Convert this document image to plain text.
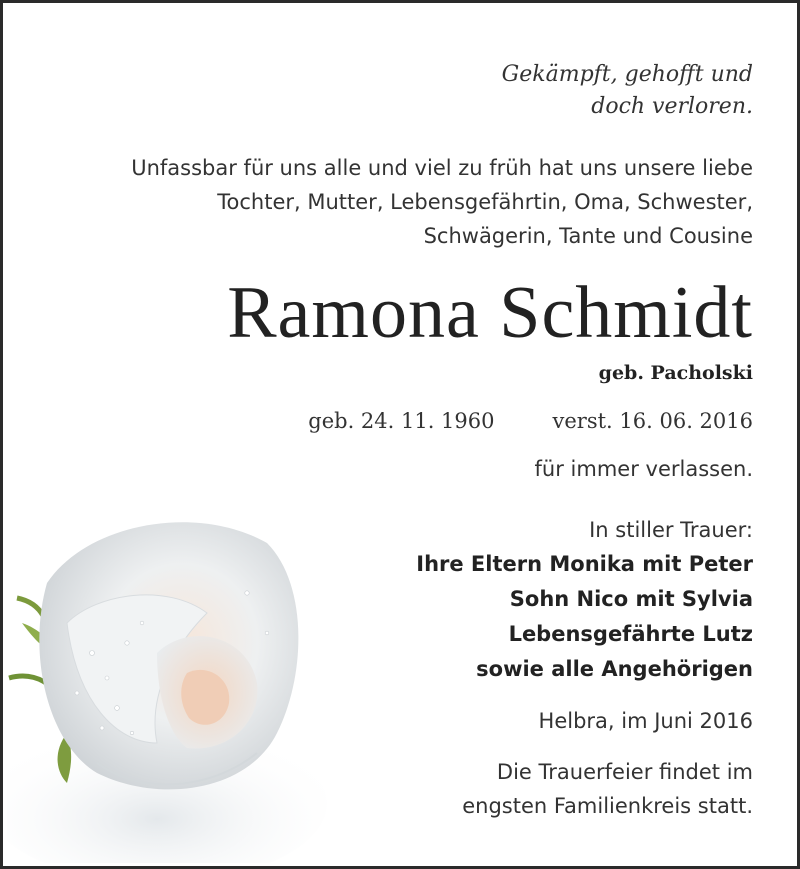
Gekämpft, gehofft und
doch verloren.
Unfassbar für uns alle und viel zu früh hat uns unsere liebe
Tochter, Mutter, Lebensgefährtin, Oma, Schwester,
Schwägerin, Tante und Cousine
Ramona Schmidt
geb. Pacholski
geb. 24. 11. 1960	verst. 16. 06. 2016
für immer verlassen.
In stiller Trauer:
Ihre Eltern Monika mit Peter
Sohn Nico mit Sylvia
Lebensgefährte Lutz
sowie alle Angehörigen
Helbra, im Juni 2016
Die Trauerfeier findet im
engsten Familienkreis statt.
